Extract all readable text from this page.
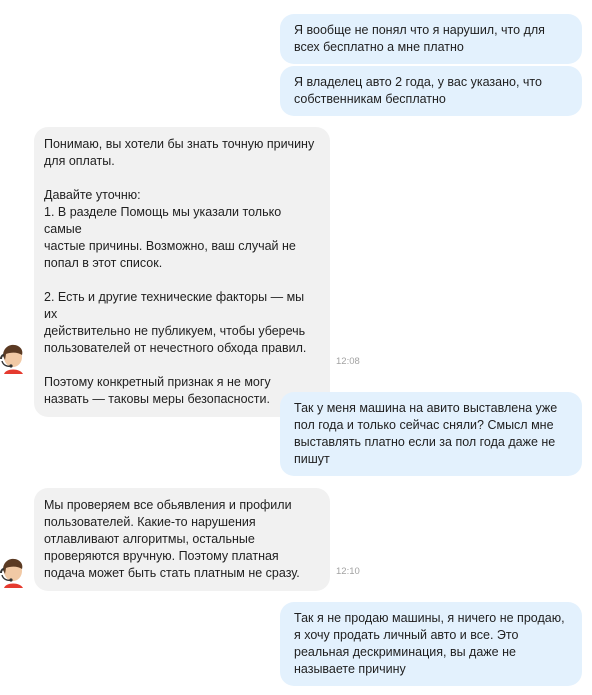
Я вообще не понял что я нарушил, что для
всех бесплатно а мне платно
Я владелец авто 2 года, у вас указано, что
собственникам бесплатно
Понимаю, вы хотели бы знать точную причину
для оплаты.

Давайте уточню:
1. В разделе Помощь мы указали только самые
частые причины. Возможно, ваш случай не
попал в этот список.

2. Есть и другие технические факторы — мы их
действительно не публикуем, чтобы уберечь
пользователей от нечестного обхода правил.

Поэтому конкретный признак я не могу
назвать — таковы меры безопасности.
12:08
Так у меня машина на авито выставлена уже
пол года и только сейчас сняли? Смысл мне
выставлять платно если за пол года даже не
пишут
Мы проверяем все обьявления и профили
пользователей. Какие-то нарушения
отлавливают алгоритмы, остальные
проверяются вручную. Поэтому платная
подача может быть стать платным не сразу.	12:10
Так я не продаю машины, я ничего не продаю,
я хочу продать личный авто и все. Это
реальная дескриминация, вы даже не
называете причину
